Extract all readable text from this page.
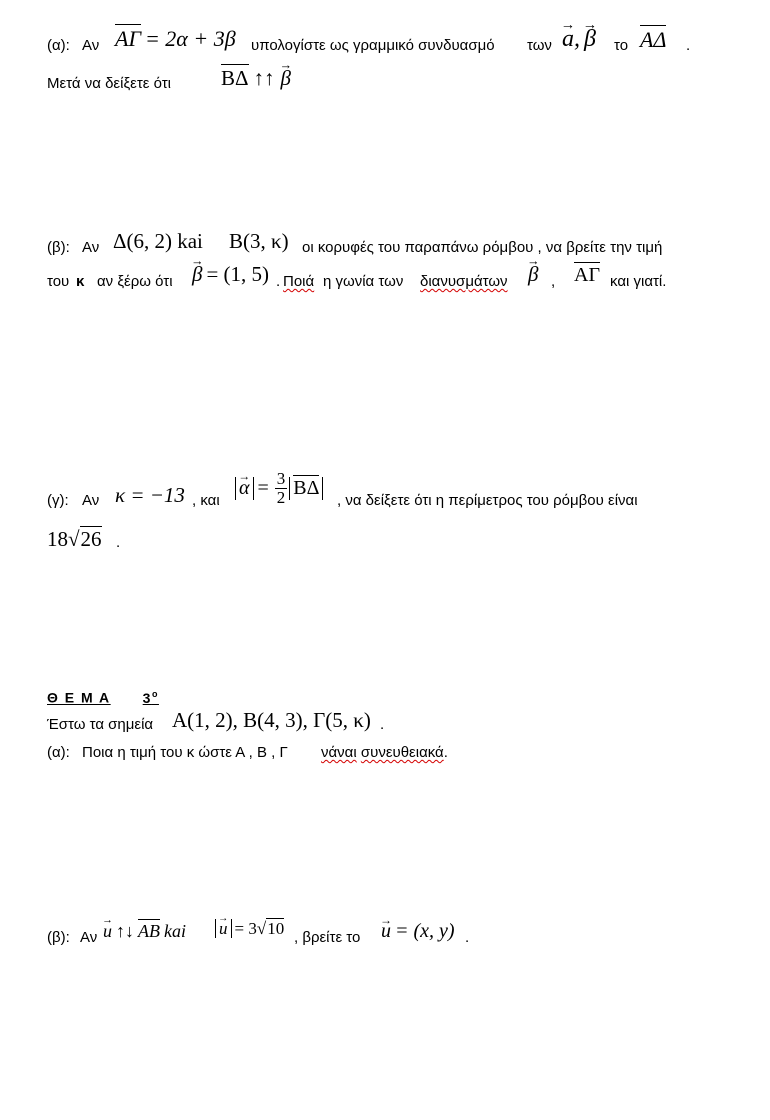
(α): Αν ΑΓ = 2α + 3β υπολογίστε ως γραμμικό συνδυασμό των → a, → β το ΑΔ .
Μετά να δείξετε ότι ΒΔ ↑↑ → β
(β): Αν Δ(6, 2) kai Β(3, κ) οι κορυφές του παραπάνω ρόμβου , να βρείτε την τιμή
του κ αν ξέρω ότι → β = (1, 5) . Ποιά η γωνία των διανυσμάτων → β , ΑΓ και γιατί.
(γ): Αν κ = −13 , και
→ $\alpha = \frac{3}{2}$ ΒΔ
, να δείξετε ότι η περίμετρος του ρόμβου είναι
18√26 .
Θ Ε Μ Α $3^o$
Έστω τα σημεία Α(1, 2), Β(4, 3), Γ(5, κ) .
(α): Ποια η τιμή του κ ώστε Α , Β , Γ νάναι συνευθειακά.
(β): Αν → u ↑↓ AB kai → u = 3√10 , βρείτε το → u = (x, y) .
